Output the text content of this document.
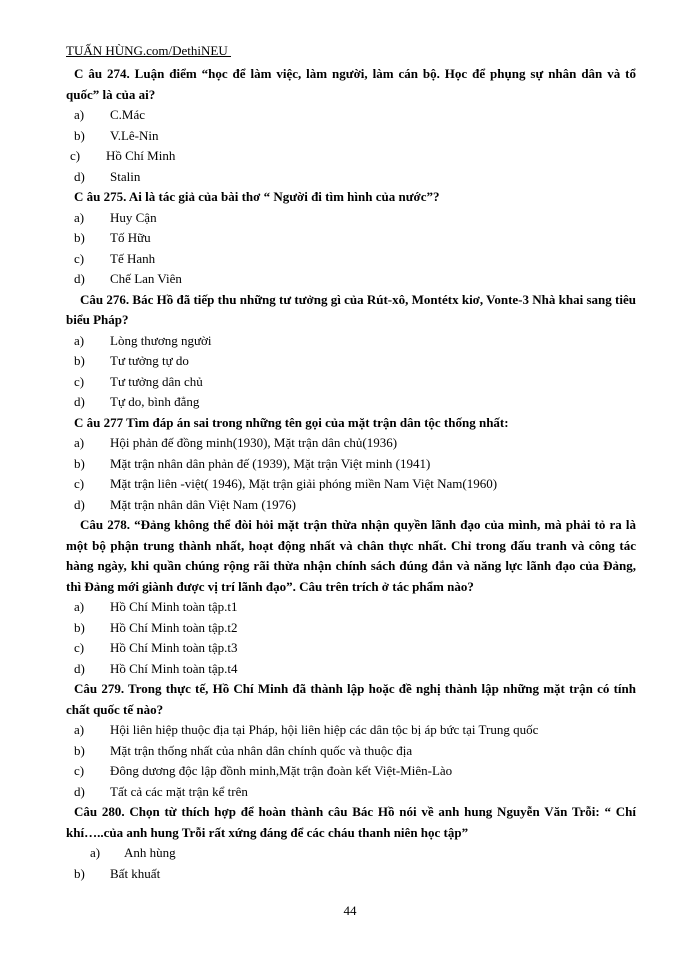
TUẤN HÙNG.com/DethiNEU
C âu 274. Luận điểm “học để làm việc, làm người, làm cán bộ. Học để phụng sự nhân dân và tổ quốc” là của ai?
a) C.Mác
b) V.Lê-Nin
c) Hồ Chí Minh
d) Stalin
C âu 275. Ai là tác giả của bài thơ “ Người đi tìm hình của nước”?
a) Huy Cận
b) Tố Hữu
c) Tế Hanh
d) Chế Lan Viên
Câu 276. Bác Hồ đã tiếp thu những tư tưởng gì của Rút-xô, Montétx kiơ, Vonte-3 Nhà khai sang tiêu biểu Pháp?
a) Lòng thương người
b) Tư tưởng tự do
c) Tư tưởng dân chủ
d) Tự do, bình đẳng
C âu 277 Tìm đáp án sai trong những tên gọi của mặt trận dân tộc thống nhất:
a) Hội phản đế đồng minh(1930), Mặt trận dân chủ(1936)
b) Mặt trận nhân dân phản đế (1939), Mặt trận Việt minh (1941)
c) Mặt trận liên -việt( 1946), Mặt trận giải phóng miền Nam Việt Nam(1960)
d) Mặt trận nhân dân Việt Nam (1976)
Câu 278. “Đảng không thể đòi hỏi mặt trận thừa nhận quyền lãnh đạo của mình, mà phải tỏ ra là một bộ phận trung thành nhất, hoạt động nhất và chân thực nhất. Chỉ trong đấu tranh và công tác hàng ngày, khi quần chúng rộng rãi thừa nhận chính sách đúng đắn và năng lực lãnh đạo của Đảng, thì Đảng mới giành được vị trí lãnh đạo”. Câu trên trích ở tác phẩm nào?
a) Hồ Chí Minh toàn tập.t1
b) Hồ Chí Minh toàn tập.t2
c) Hồ Chí Minh toàn tập.t3
d) Hồ Chí Minh toàn tập.t4
Câu 279. Trong thực tế, Hồ Chí Minh đã thành lập hoặc đề nghị thành lập những mặt trận có tính chất quốc tế nào?
a) Hội liên hiệp thuộc địa tại Pháp, hội liên hiệp các dân tộc bị áp bức tại Trung quốc
b) Mặt trận thống nhất của nhân dân chính quốc và thuộc địa
c) Đông dương độc lập đồnh minh,Mặt trận đoàn kết Việt-Miên-Lào
d) Tất cả các mặt trận kể trên
Câu 280. Chọn từ thích hợp để hoàn thành câu Bác Hồ nói về anh hung Nguyễn Văn Trỗi: “ Chí khí…..của anh hung Trỗi rất xứng đáng để các cháu thanh niên học tập”
a) Anh hùng
b) Bất khuất
44
